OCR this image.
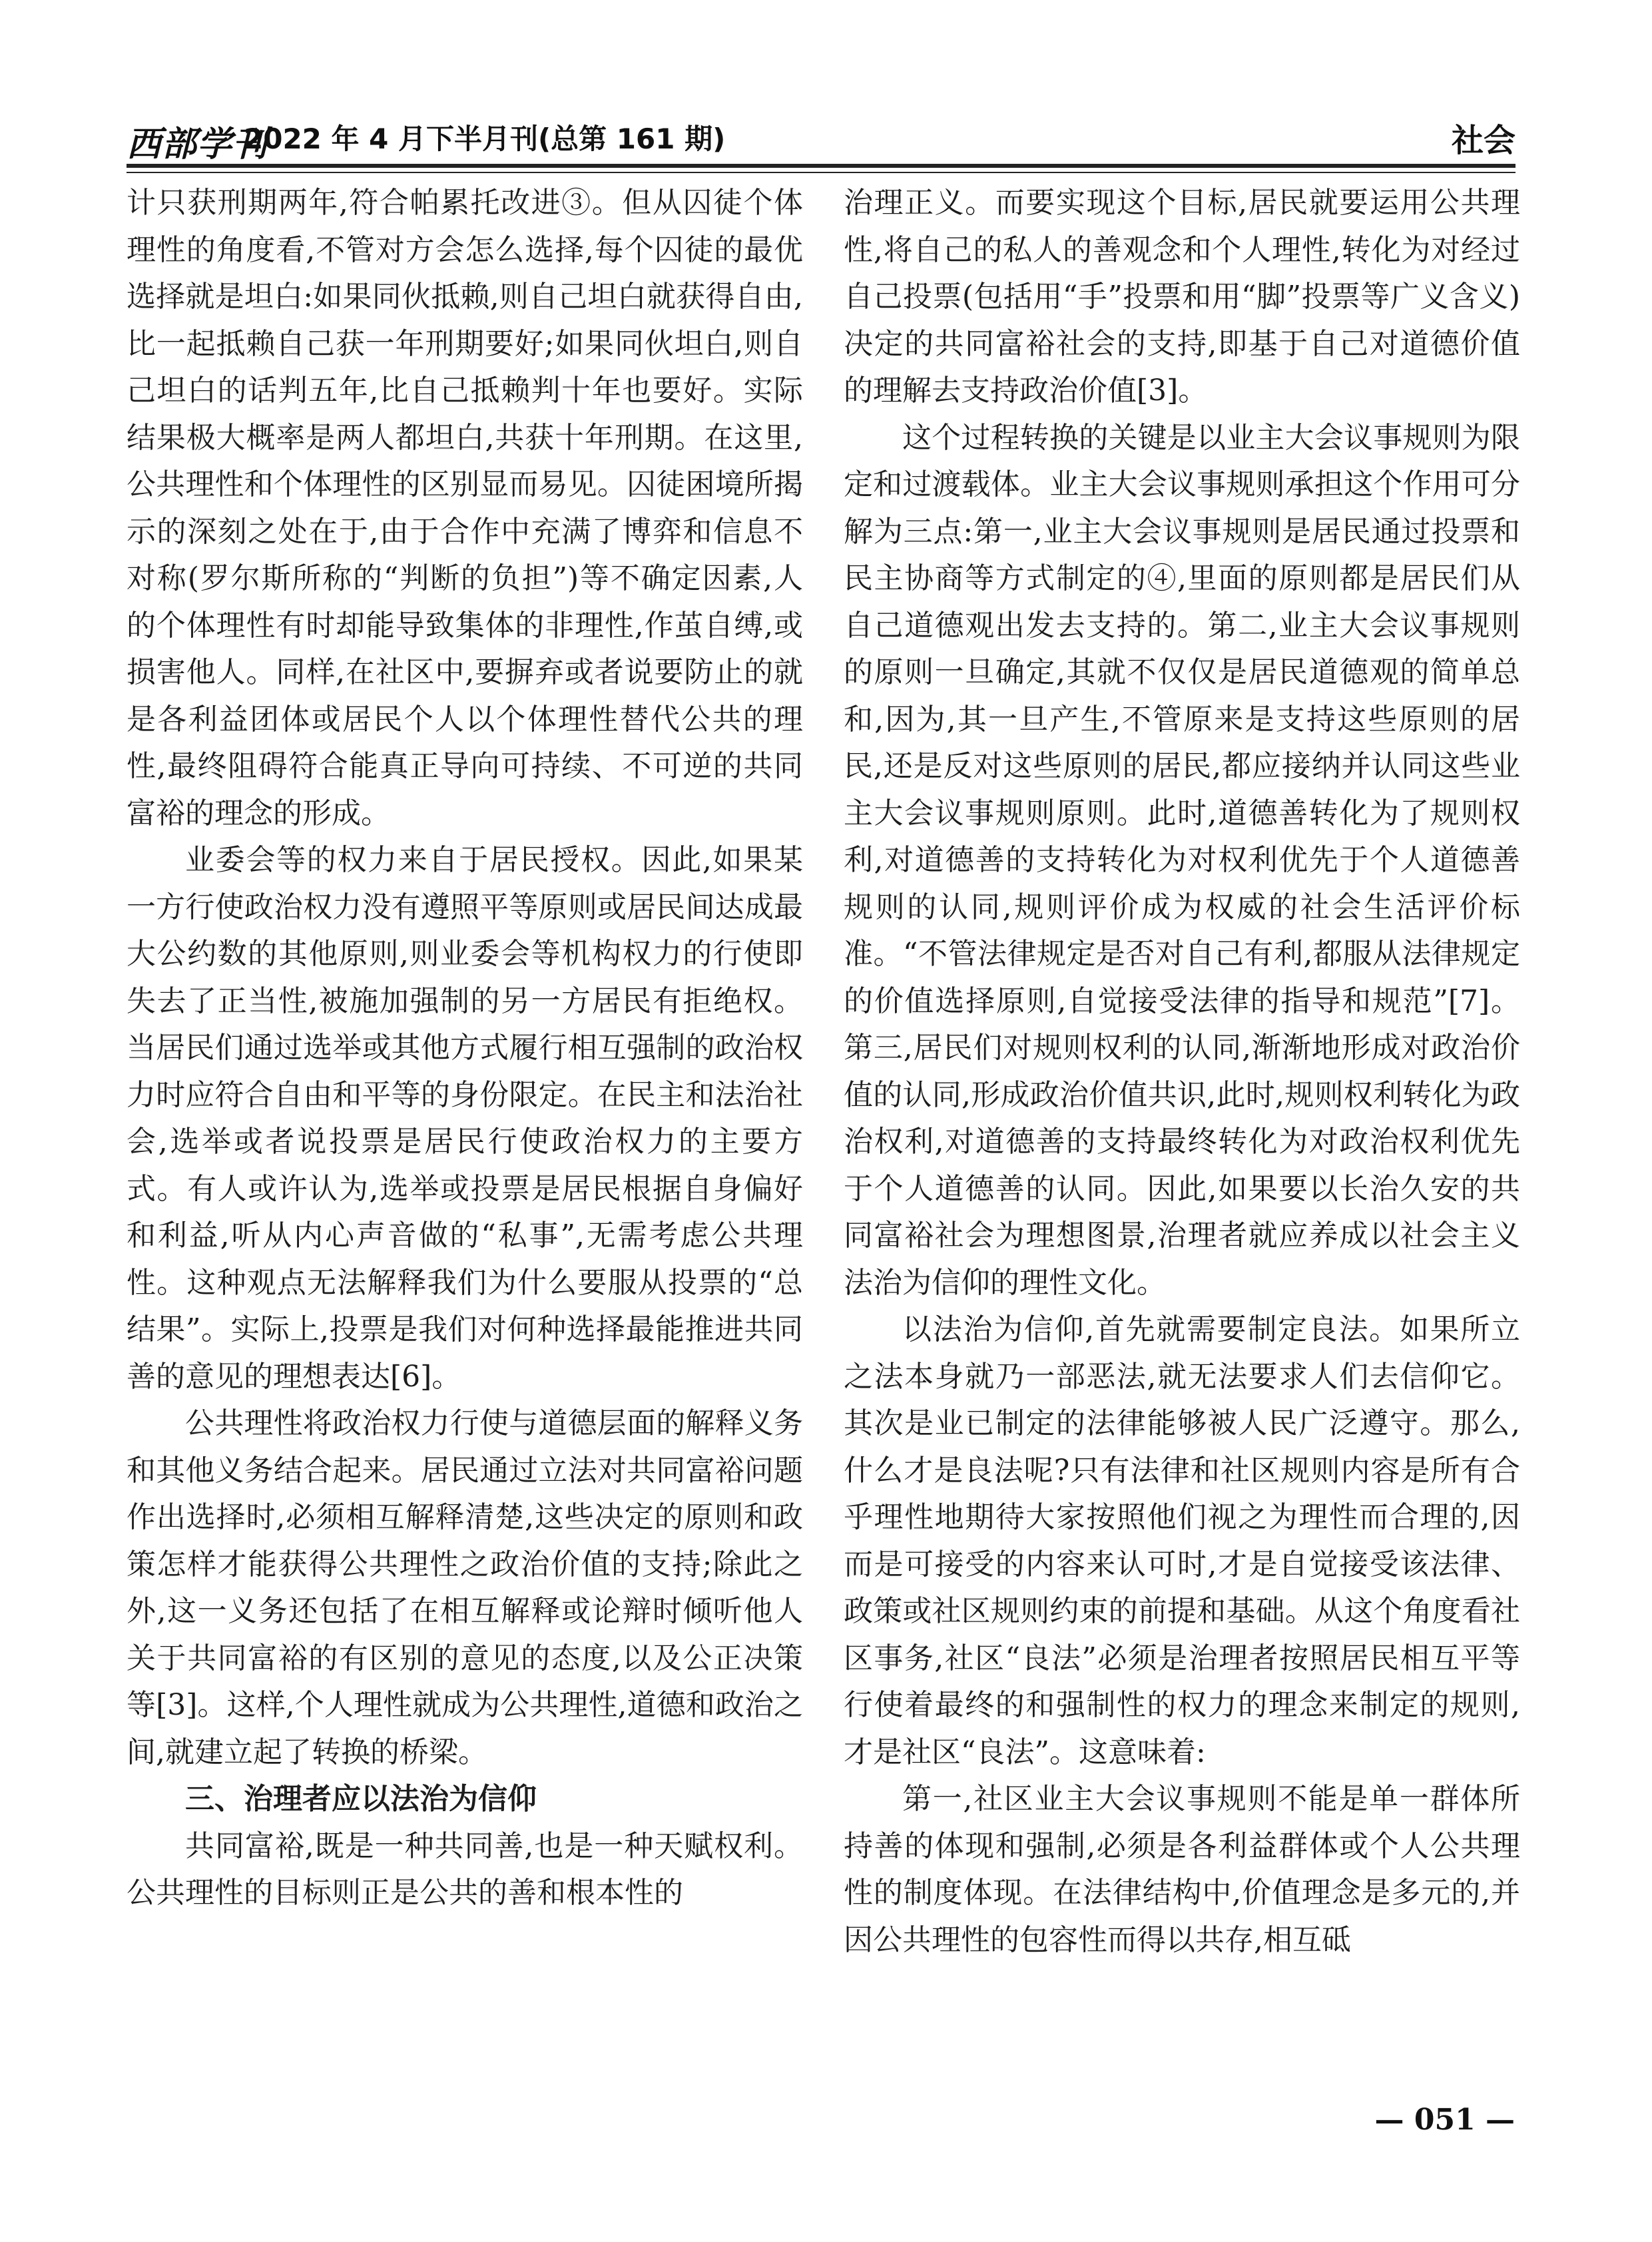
西部学刊
2022 年 4 月下半月刊(总第 161 期)	社会

计只获刑期两年,符合帕累托改进③。但从囚徒个体理性的角度看,不管对方会怎么选择,每个囚徒的最优选择就是坦白:如果同伙抵赖,则自己坦白就获得自由,比一起抵赖自己获一年刑期要好;如果同伙坦白,则自己坦白的话判五年,比自己抵赖判十年也要好。实际结果极大概率是两人都坦白,共获十年刑期。在这里,公共理性和个体理性的区别显而易见。囚徒困境所揭示的深刻之处在于,由于合作中充满了博弈和信息不对称(罗尔斯所称的“判断的负担”)等不确定因素,人的个体理性有时却能导致集体的非理性,作茧自缚,或损害他人。同样,在社区中,要摒弃或者说要防止的就是各利益团体或居民个人以个体理性替代公共的理性,最终阻碍符合能真正导向可持续、不可逆的共同富裕的理念的形成。

业委会等的权力来自于居民授权。因此,如果某一方行使政治权力没有遵照平等原则或居民间达成最大公约数的其他原则,则业委会等机构权力的行使即失去了正当性,被施加强制的另一方居民有拒绝权。当居民们通过选举或其他方式履行相互强制的政治权力时应符合自由和平等的身份限定。在民主和法治社会,选举或者说投票是居民行使政治权力的主要方式。有人或许认为,选举或投票是居民根据自身偏好和利益,听从内心声音做的“私事”,无需考虑公共理性。这种观点无法解释我们为什么要服从投票的“总结果”。实际上,投票是我们对何种选择最能推进共同善的意见的理想表达[6]。

公共理性将政治权力行使与道德层面的解释义务和其他义务结合起来。居民通过立法对共同富裕问题作出选择时,必须相互解释清楚,这些决定的原则和政策怎样才能获得公共理性之政治价值的支持;除此之外,这一义务还包括了在相互解释或论辩时倾听他人关于共同富裕的有区别的意见的态度,以及公正决策等[3]。这样,个人理性就成为公共理性,道德和政治之间,就建立起了转换的桥梁。

三、治理者应以法治为信仰

共同富裕,既是一种共同善,也是一种天赋权利。公共理性的目标则正是公共的善和根本性的

治理正义。而要实现这个目标,居民就要运用公共理性,将自己的私人的善观念和个人理性,转化为对经过自己投票(包括用“手”投票和用“脚”投票等广义含义)决定的共同富裕社会的支持,即基于自己对道德价值的理解去支持政治价值[3]。

这个过程转换的关键是以业主大会议事规则为限定和过渡载体。业主大会议事规则承担这个作用可分解为三点:第一,业主大会议事规则是居民通过投票和民主协商等方式制定的④,里面的原则都是居民们从自己道德观出发去支持的。第二,业主大会议事规则的原则一旦确定,其就不仅仅是居民道德观的简单总和,因为,其一旦产生,不管原来是支持这些原则的居民,还是反对这些原则的居民,都应接纳并认同这些业主大会议事规则原则。此时,道德善转化为了规则权利,对道德善的支持转化为对权利优先于个人道德善规则的认同,规则评价成为权威的社会生活评价标准。“不管法律规定是否对自己有利,都服从法律规定的价值选择原则,自觉接受法律的指导和规范”[7]。第三,居民们对规则权利的认同,渐渐地形成对政治价值的认同,形成政治价值共识,此时,规则权利转化为政治权利,对道德善的支持最终转化为对政治权利优先于个人道德善的认同。因此,如果要以长治久安的共同富裕社会为理想图景,治理者就应养成以社会主义法治为信仰的理性文化。

以法治为信仰,首先就需要制定良法。如果所立之法本身就乃一部恶法,就无法要求人们去信仰它。其次是业已制定的法律能够被人民广泛遵守。那么,什么才是良法呢?只有法律和社区规则内容是所有合乎理性地期待大家按照他们视之为理性而合理的,因而是可接受的内容来认可时,才是自觉接受该法律、政策或社区规则约束的前提和基础。从这个角度看社区事务,社区“良法”必须是治理者按照居民相互平等行使着最终的和强制性的权力的理念来制定的规则,才是社区“良法”。这意味着:

第一,社区业主大会议事规则不能是单一群体所持善的体现和强制,必须是各利益群体或个人公共理性的制度体现。在法律结构中,价值理念是多元的,并因公共理性的包容性而得以共存,相互砥

— 051 —
